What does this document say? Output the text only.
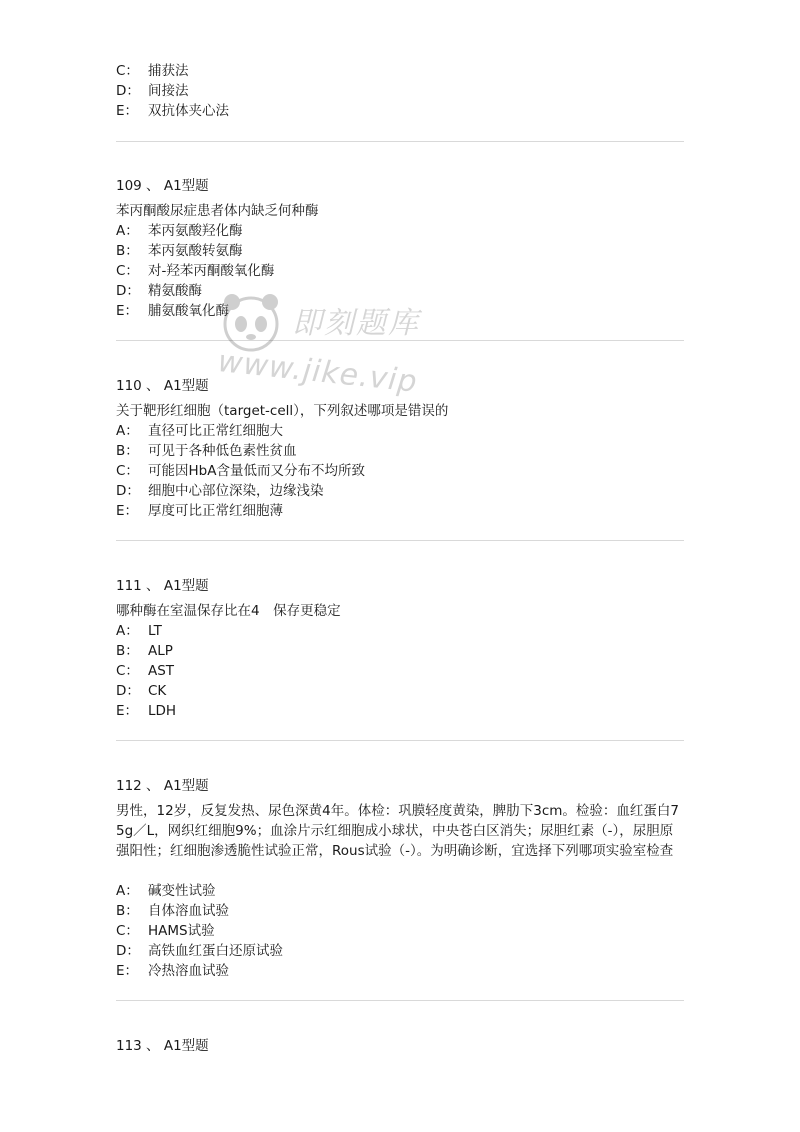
C： 捕获法
D： 间接法
E： 双抗体夹心法
109 、 A1型题
苯丙酮酸尿症患者体内缺乏何种酶
A： 苯丙氨酸羟化酶
B： 苯丙氨酸转氨酶
C： 对-羟苯丙酮酸氧化酶
D： 精氨酸酶
E： 脯氨酸氧化酶
110 、 A1型题
关于靶形红细胞（target-cell），下列叙述哪项是错误的
A： 直径可比正常红细胞大
B： 可见于各种低色素性贫血
C： 可能因HbA含量低而又分布不均所致
D： 细胞中心部位深染，边缘浅染
E： 厚度可比正常红细胞薄
111 、 A1型题
哪种酶在室温保存比在4　保存更稳定
A： LT
B： ALP
C： AST
D： CK
E： LDH
112 、 A1型题
男性，12岁，反复发热、尿色深黄4年。体检：巩膜轻度黄染，脾肋下3cm。检验：血红蛋白75g／L，网织红细胞9%；血涂片示红细胞成小球状，中央苍白区消失；尿胆红素（-），尿胆原强阳性；红细胞渗透脆性试验正常，Rous试验（-）。为明确诊断，宜选择下列哪项实验室检查
A： 碱变性试验
B： 自体溶血试验
C： HAMS试验
D： 高铁血红蛋白还原试验
E： 冷热溶血试验
113 、 A1型题
即刻题库
www.jike.vip
